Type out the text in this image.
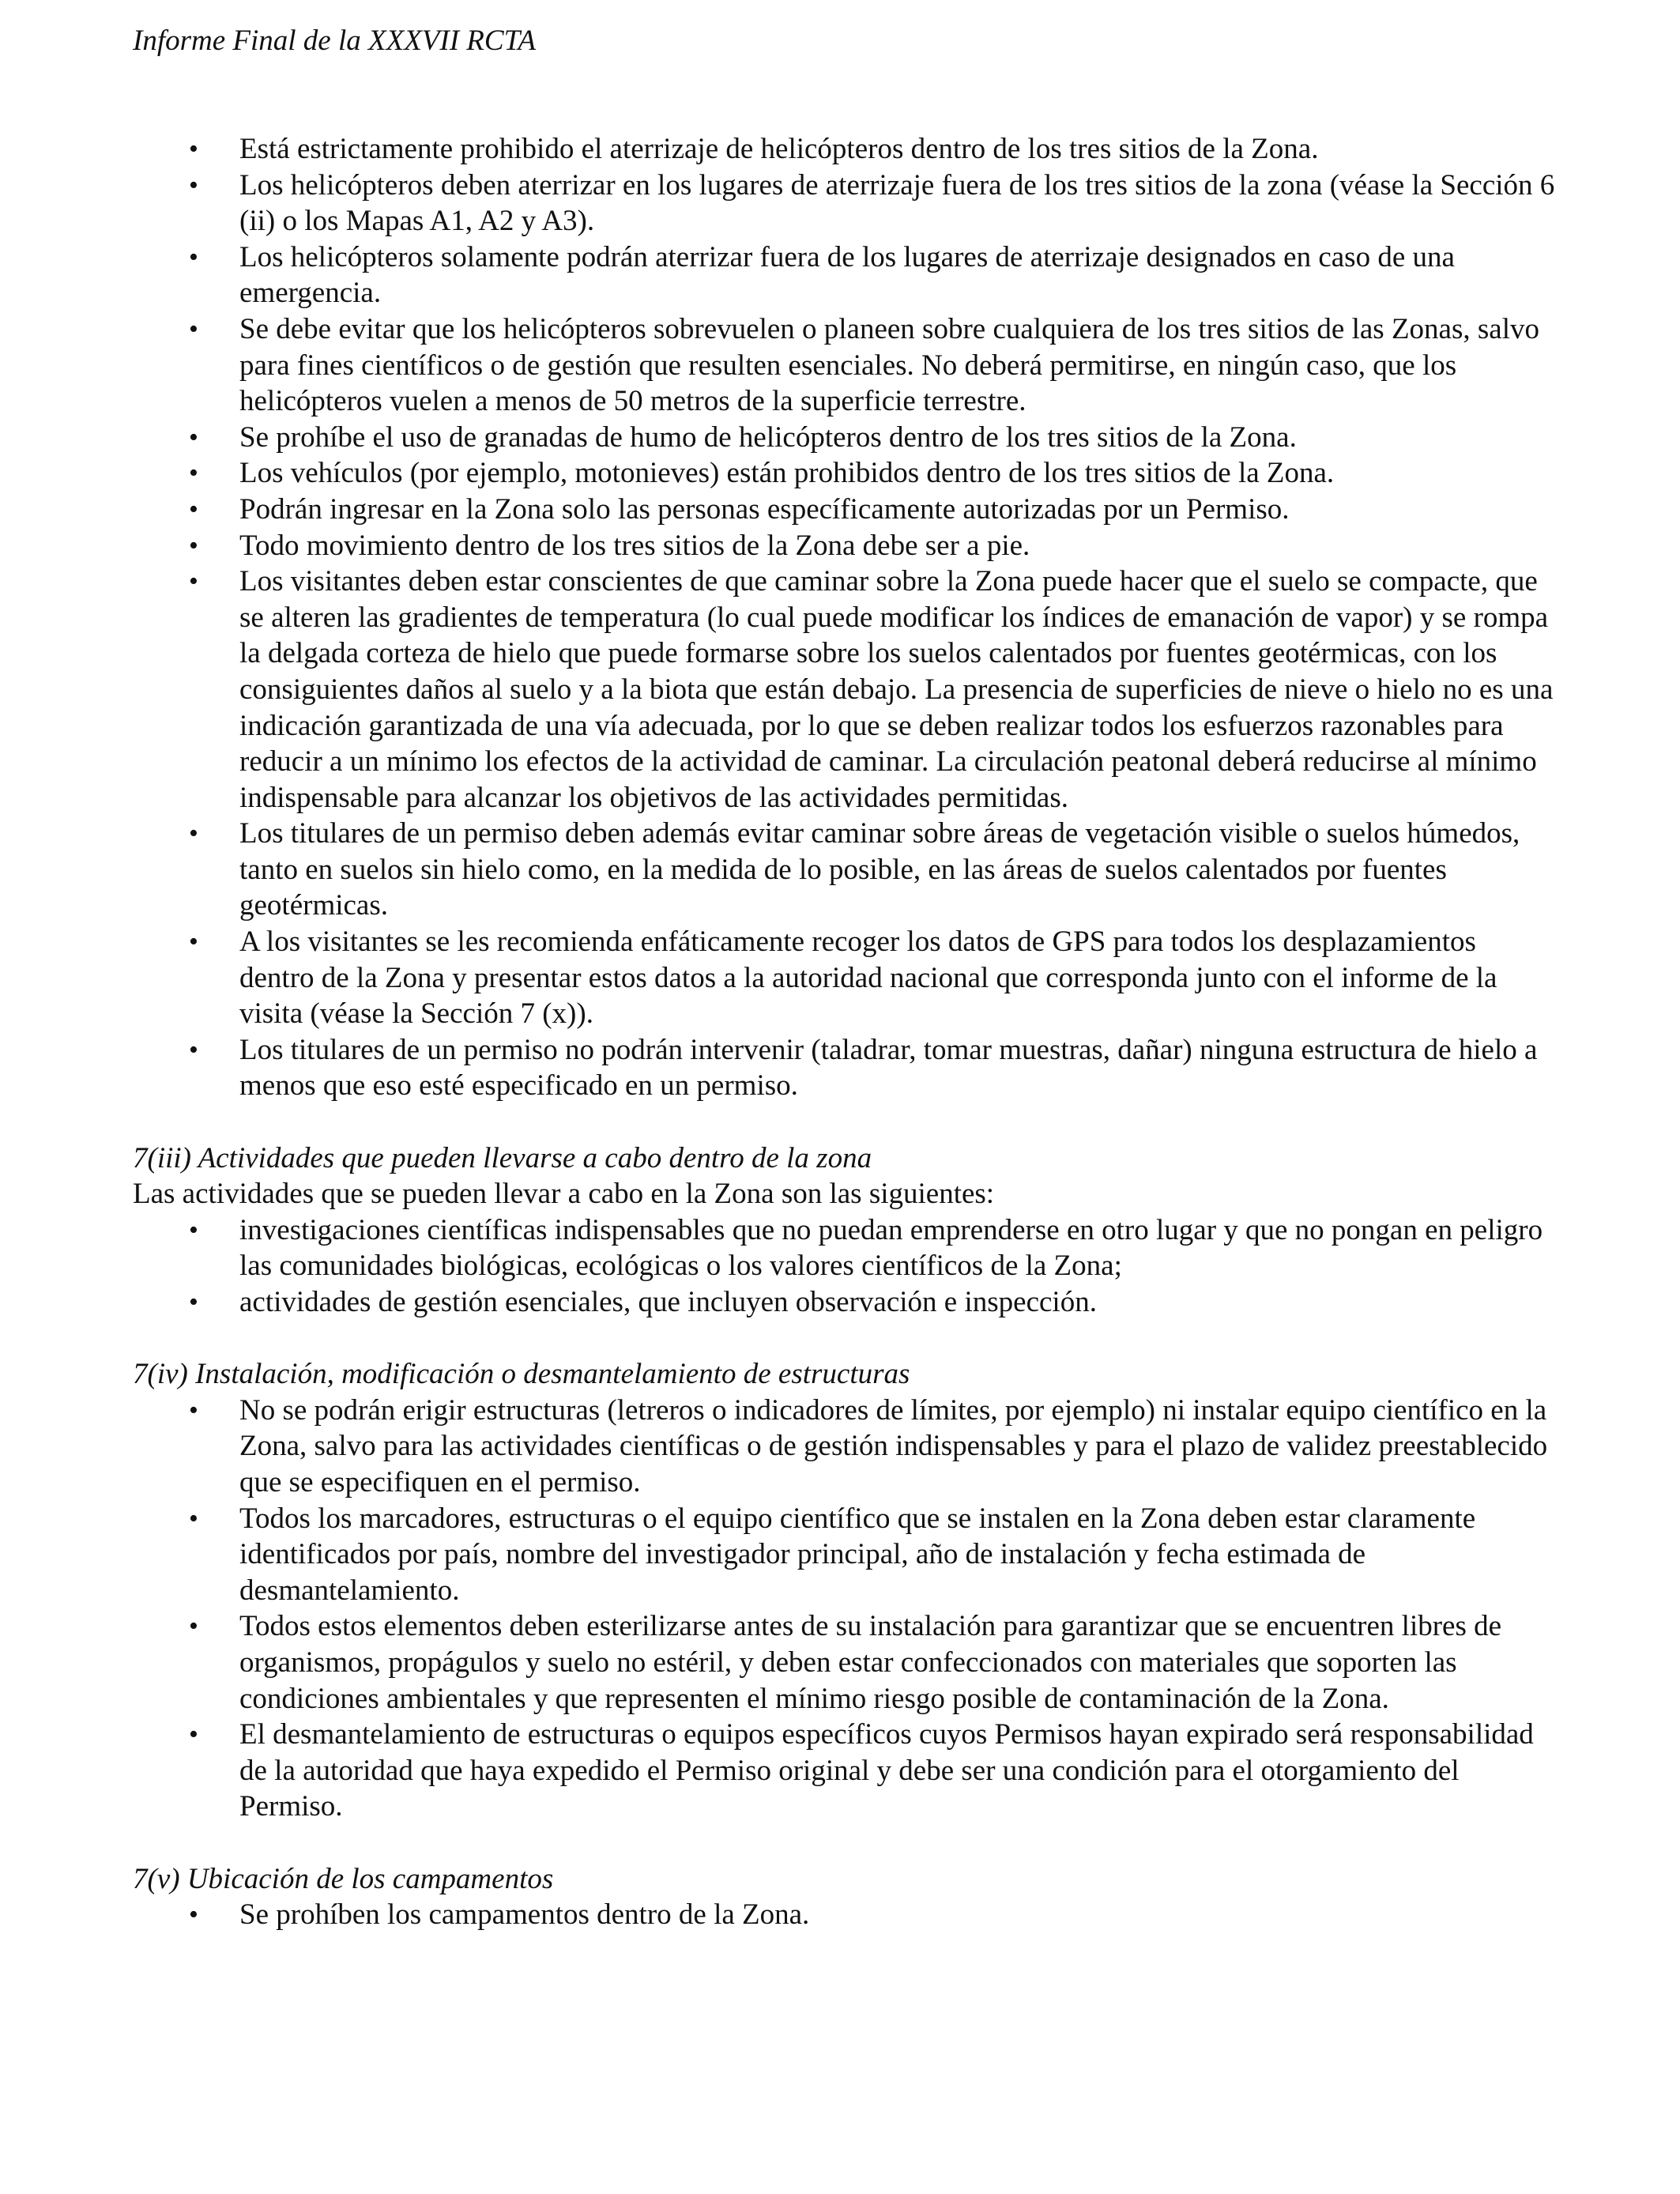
Informe Final de la XXXVII RCTA
• Está estrictamente prohibido el aterrizaje de helicópteros dentro de los tres sitios de la Zona.
• Los helicópteros deben aterrizar en los lugares de aterrizaje fuera de los tres sitios de la zona (véase la Sección 6 (ii) o los Mapas A1, A2 y A3).
• Los helicópteros solamente podrán aterrizar fuera de los lugares de aterrizaje designados en caso de una emergencia.
• Se debe evitar que los helicópteros sobrevuelen o planeen sobre cualquiera de los tres sitios de las Zonas, salvo para fines científicos o de gestión que resulten esenciales. No deberá permitirse, en ningún caso, que los helicópteros vuelen a menos de 50 metros de la superficie terrestre.
• Se prohíbe el uso de granadas de humo de helicópteros dentro de los tres sitios de la Zona.
• Los vehículos (por ejemplo, motonieves) están prohibidos dentro de los tres sitios de la Zona.
• Podrán ingresar en la Zona solo las personas específicamente autorizadas por un Permiso.
• Todo movimiento dentro de los tres sitios de la Zona debe ser a pie.
• Los visitantes deben estar conscientes de que caminar sobre la Zona puede hacer que el suelo se compacte, que se alteren las gradientes de temperatura (lo cual puede modificar los índices de emanación de vapor) y se rompa la delgada corteza de hielo que puede formarse sobre los suelos calentados por fuentes geotérmicas, con los consiguientes daños al suelo y a la biota que están debajo. La presencia de superficies de nieve o hielo no es una indicación garantizada de una vía adecuada, por lo que se deben realizar todos los esfuerzos razonables para reducir a un mínimo los efectos de la actividad de caminar. La circulación peatonal deberá reducirse al mínimo indispensable para alcanzar los objetivos de las actividades permitidas.
• Los titulares de un permiso deben además evitar caminar sobre áreas de vegetación visible o suelos húmedos, tanto en suelos sin hielo como, en la medida de lo posible, en las áreas de suelos calentados por fuentes geotérmicas.
• A los visitantes se les recomienda enfáticamente recoger los datos de GPS para todos los desplazamientos dentro de la Zona y presentar estos datos a la autoridad nacional que corresponda junto con el informe de la visita (véase la Sección 7 (x)).
• Los titulares de un permiso no podrán intervenir (taladrar, tomar muestras, dañar) ninguna estructura de hielo a menos que eso esté especificado en un permiso.
7(iii) Actividades que pueden llevarse a cabo dentro de la zona

Las actividades que se pueden llevar a cabo en la Zona son las siguientes:

• investigaciones científicas indispensables que no puedan emprenderse en otro lugar y que no pongan en peligro las comunidades biológicas, ecológicas o los valores científicos de la Zona;
• actividades de gestión esenciales, que incluyen observación e inspección.
7(iv) Instalación, modificación o desmantelamiento de estructuras
• No se podrán erigir estructuras (letreros o indicadores de límites, por ejemplo) ni instalar equipo científico en la Zona, salvo para las actividades científicas o de gestión indispensables y para el plazo de validez preestablecido que se especifiquen en el permiso.
• Todos los marcadores, estructuras o el equipo científico que se instalen en la Zona deben estar claramente identificados por país, nombre del investigador principal, año de instalación y fecha estimada de desmantelamiento.
• Todos estos elementos deben esterilizarse antes de su instalación para garantizar que se encuentren libres de organismos, propágulos y suelo no estéril, y deben estar confeccionados con materiales que soporten las condiciones ambientales y que representen el mínimo riesgo posible de contaminación de la Zona.
• El desmantelamiento de estructuras o equipos específicos cuyos Permisos hayan expirado será responsabilidad de la autoridad que haya expedido el Permiso original y debe ser una condición para el otorgamiento del Permiso.
7(v) Ubicación de los campamentos
• Se prohíben los campamentos dentro de la Zona.
